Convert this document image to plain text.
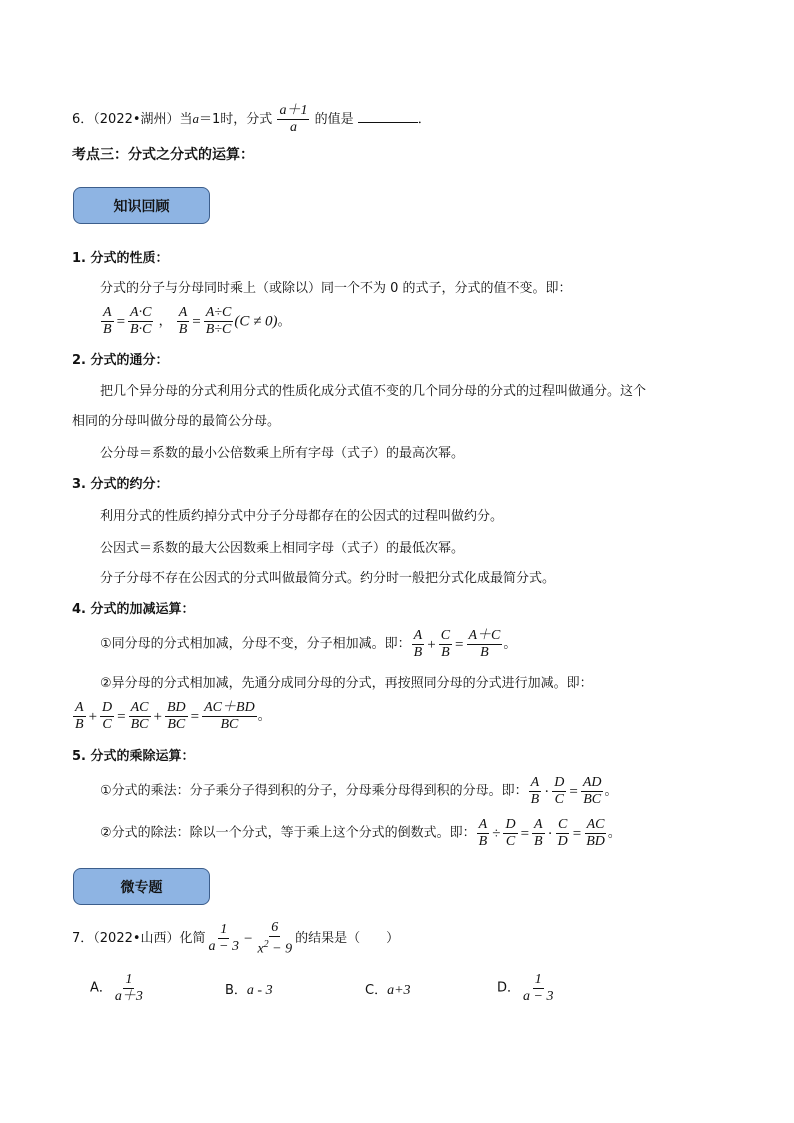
6．（2022•湖州）当a＝1时，分式 $\frac{a+1}{a}$ 的值是	．
考点三：分式之分式的运算：
知识回顾
1. 分式的性质：
分式的分子与分母同时乘上（或除以）同一个不为 0 的式子，分式的值不变。即：
$\frac{A}{B} = \frac{A\cdot C}{B\cdot C}$ ， $\frac{A}{B} = \frac{A\div C}{B\div C} (C \ne 0)$。
2. 分式的通分：
把几个异分母的分式利用分式的性质化成分式值不变的几个同分母的分式的过程叫做通分。这个
相同的分母叫做分母的最简公分母。
公分母＝系数的最小公倍数乘上所有字母（式子）的最高次幂。
3. 分式的约分：
利用分式的性质约掉分式中分子分母都存在的公因式的过程叫做约分。
公因式＝系数的最大公因数乘上相同字母（式子）的最低次幂。
分子分母不存在公因式的分式叫做最简分式。约分时一般把分式化成最简分式。
4. 分式的加减运算：
①同分母的分式相加减，分母不变，分子相加减。即： $\frac{A}{B} + \frac{C}{B} = \frac{A+C}{B}$ 。
②异分母的分式相加减，先通分成同分母的分式，再按照同分母的分式进行加减。即：
$\frac{A}{B} + \frac{D}{C} = \frac{AC}{BC} + \frac{BD}{BC} = \frac{AC+BD}{BC}$ 。
5. 分式的乘除运算：
①分式的乘法：分子乘分子得到积的分子，分母乘分母得到积的分母。即： $\frac{A}{B} \cdot \frac{D}{C} = \frac{AD}{BC}$ 。
②分式的除法：除以一个分式，等于乘上这个分式的倒数式。即： $\frac{A}{B} \div \frac{D}{C} = \frac{A}{B} \cdot \frac{C}{D} = \frac{AC}{BD}$ 。
微专题
7．（2022•山西）化简 $\frac{1}{a - 3} - \frac{6}{x^2 - 9}$ 的结果是（　　）
A． $\frac{1}{a+3}$	B．a - 3	C．a+3	D． $\frac{1}{a - 3}$
